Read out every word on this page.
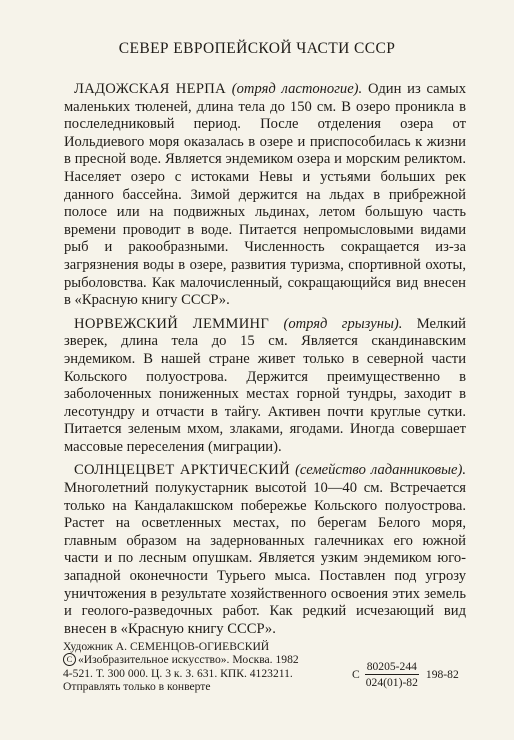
СЕВЕР ЕВРОПЕЙСКОЙ ЧАСТИ СССР

ЛАДОЖСКАЯ НЕРПА (отряд ластоногие). Один из самых маленьких тюленей, длина тела до 150 см. В озеро проникла в послеледниковый период. После отделения озера от Иольдиевого моря оказалась в озере и приспособилась к жизни в пресной воде. Является эндемиком озера и морским реликтом. Населяет озеро с истоками Невы и устьями больших рек данного бассейна. Зимой держится на льдах в прибрежной полосе или на подвижных льдинах, летом большую часть времени проводит в воде. Питается непромысловыми видами рыб и ракообразными. Численность сокращается из-за загрязнения воды в озере, развития туризма, спортивной охоты, рыболовства. Как малочисленный, сокращающийся вид внесен в «Красную книгу СССР».

НОРВЕЖСКИЙ ЛЕММИНГ (отряд грызуны). Мелкий зверек, длина тела до 15 см. Является скандинавским эндемиком. В нашей стране живет только в северной части Кольского полуострова. Держится преимущественно в заболоченных пониженных местах горной тундры, заходит в лесотундру и отчасти в тайгу. Активен почти круглые сутки. Питается зеленым мхом, злаками, ягодами. Иногда совершает массовые переселения (миграции).

СОЛНЦЕЦВЕТ АРКТИЧЕСКИЙ (семейство ладанниковые). Многолетний полукустарник высотой 10—40 см. Встречается только на Кандалакшском побережье Кольского полуострова. Растет на осветленных местах, по берегам Белого моря, главным образом на задернованных галечниках его южной части и по лесным опушкам. Является узким эндемиком юго-западной оконечности Турьего мыса. Поставлен под угрозу уничтожения в результате хозяйственного освоения этих земель и геолого-разведочных работ. Как редкий исчезающий вид внесен в «Красную книгу СССР».

Художник А. СЕМЕНЦОВ-ОГИЕВСКИЙ
C «Изобразительное искусство». Москва. 1982
4-521. Т. 300 000. Ц. 3 к. З. 631. КПК. 4123211.
Отправлять только в конверте
С $\frac{80205-244}{024(01)-82} 198-82$
